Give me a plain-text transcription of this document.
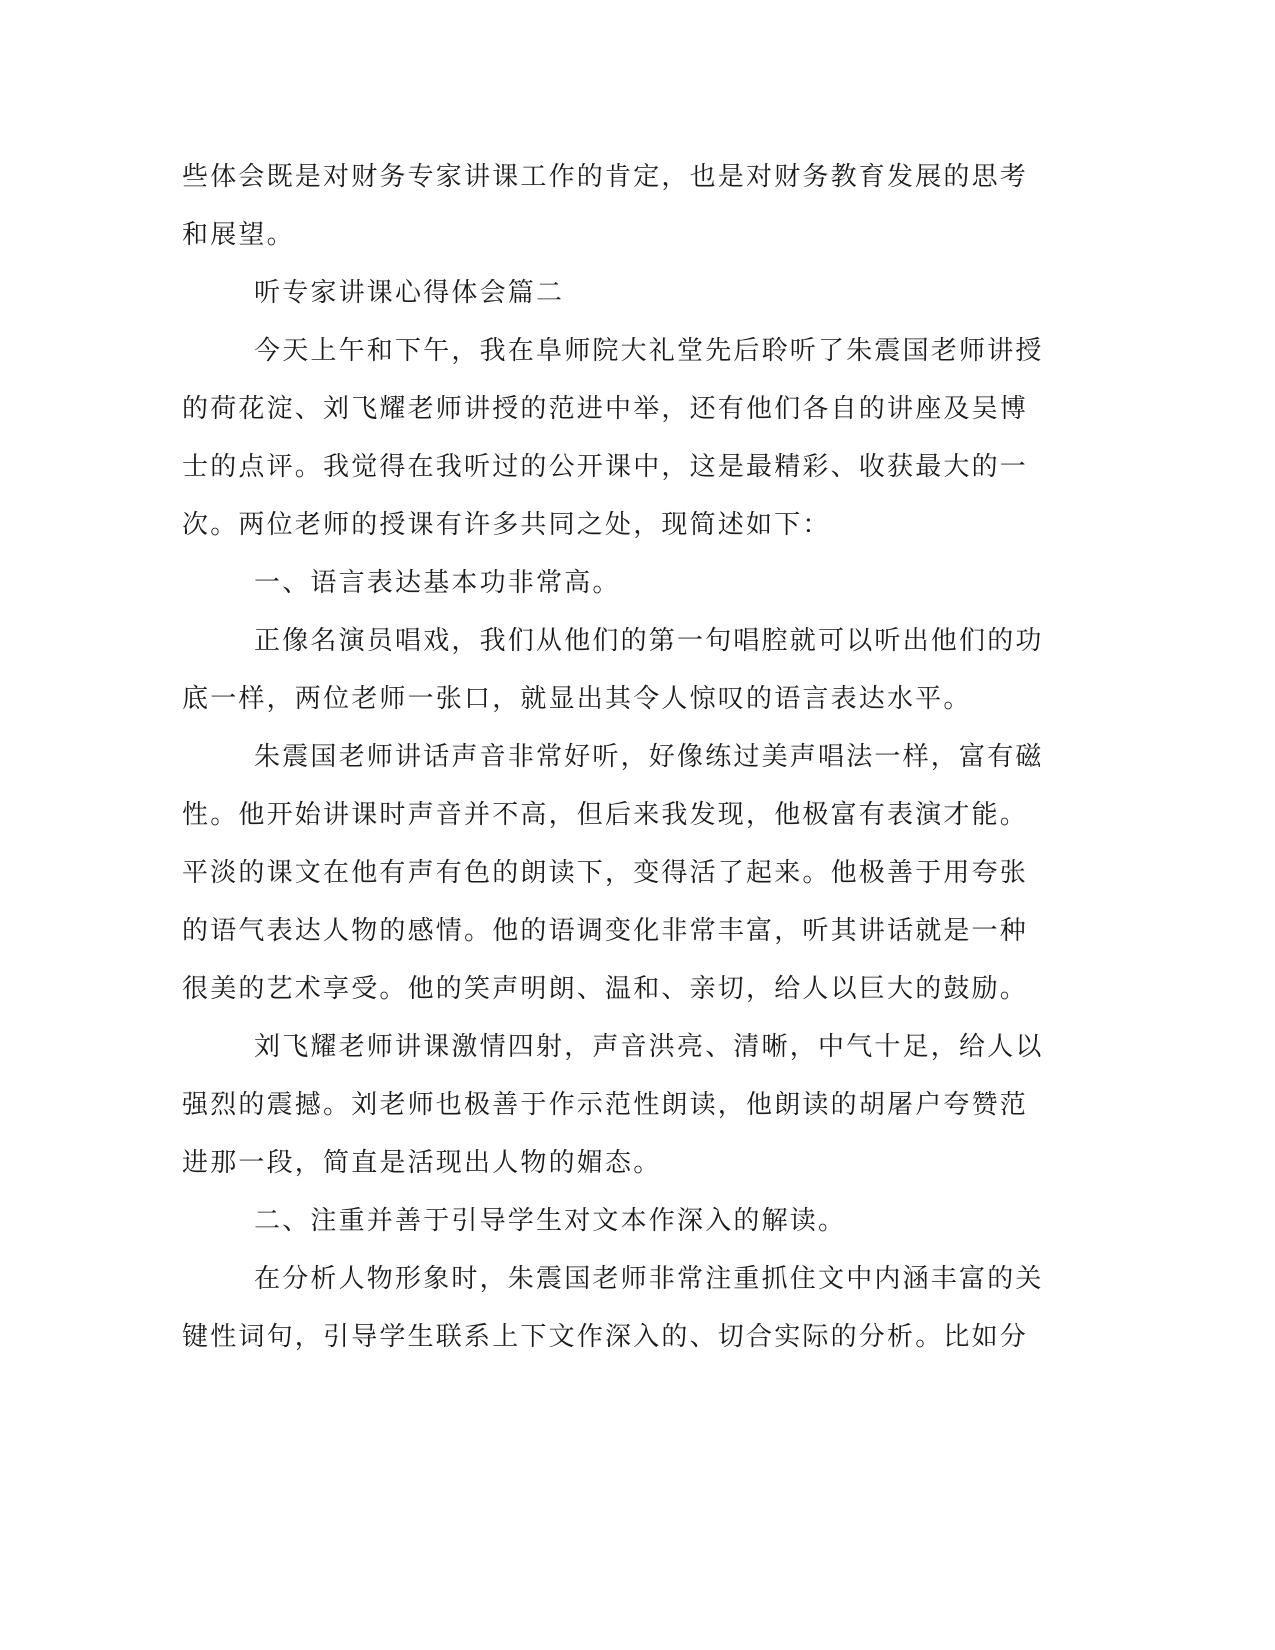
些体会既是对财务专家讲课工作的肯定，也是对财务教育发展的思考
和展望。
听专家讲课心得体会篇二
今天上午和下午，我在阜师院大礼堂先后聆听了朱震国老师讲授
的荷花淀、刘飞耀老师讲授的范进中举，还有他们各自的讲座及吴博
士的点评。我觉得在我听过的公开课中，这是最精彩、收获最大的一
次。两位老师的授课有许多共同之处，现简述如下：
一、语言表达基本功非常高。
正像名演员唱戏，我们从他们的第一句唱腔就可以听出他们的功
底一样，两位老师一张口，就显出其令人惊叹的语言表达水平。
朱震国老师讲话声音非常好听，好像练过美声唱法一样，富有磁
性。他开始讲课时声音并不高，但后来我发现，他极富有表演才能。
平淡的课文在他有声有色的朗读下，变得活了起来。他极善于用夸张
的语气表达人物的感情。他的语调变化非常丰富，听其讲话就是一种
很美的艺术享受。他的笑声明朗、温和、亲切，给人以巨大的鼓励。
刘飞耀老师讲课激情四射，声音洪亮、清晰，中气十足，给人以
强烈的震撼。刘老师也极善于作示范性朗读，他朗读的胡屠户夸赞范
进那一段，简直是活现出人物的媚态。
二、注重并善于引导学生对文本作深入的解读。
在分析人物形象时，朱震国老师非常注重抓住文中内涵丰富的关
键性词句，引导学生联系上下文作深入的、切合实际的分析。比如分
